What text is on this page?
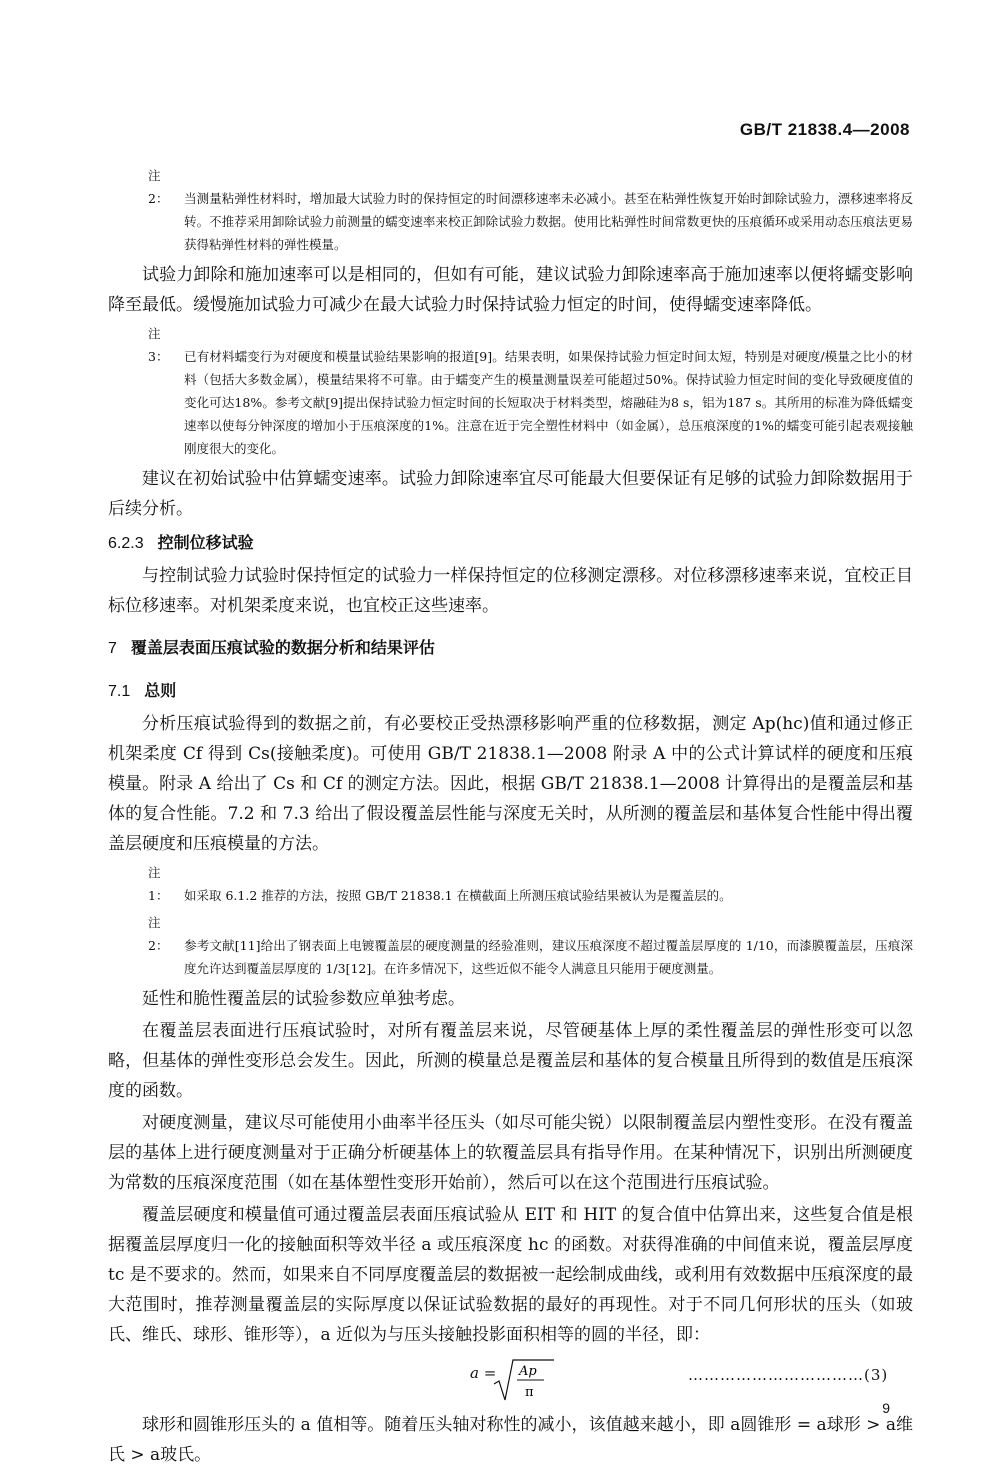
GB/T 21838.4—2008
注 2： 当测量粘弹性材料时，增加最大试验力时的保持恒定的时间漂移速率未必减小。甚至在粘弹性恢复开始时卸除试验力，漂移速率将反转。不推荐采用卸除试验力前测量的蠕变速率来校正卸除试验力数据。使用比粘弹性时间常数更快的压痕循环或采用动态压痕法更易获得粘弹性材料的弹性模量。

试验力卸除和施加速率可以是相同的，但如有可能，建议试验力卸除速率高于施加速率以便将蠕变影响降至最低。缓慢施加试验力可减少在最大试验力时保持试验力恒定的时间，使得蠕变速率降低。

注 3： 已有材料蠕变行为对硬度和模量试验结果影响的报道[9]。结果表明，如果保持试验力恒定时间太短，特别是对硬度/模量之比小的材料（包括大多数金属），模量结果将不可靠。由于蠕变产生的模量测量误差可能超过50%。保持试验力恒定时间的变化导致硬度值的变化可达18%。参考文献[9]提出保持试验力恒定时间的长短取决于材料类型，熔融硅为8 s，铝为187 s。其所用的标准为降低蠕变速率以使每分钟深度的增加小于压痕深度的1%。注意在近于完全塑性材料中（如金属），总压痕深度的1%的蠕变可能引起表观接触刚度很大的变化。

建议在初始试验中估算蠕变速率。试验力卸除速率宜尽可能最大但要保证有足够的试验力卸除数据用于后续分析。

6.2.3 控制位移试验

与控制试验力试验时保持恒定的试验力一样保持恒定的位移测定漂移。对位移漂移速率来说，宜校正目标位移速率。对机架柔度来说，也宜校正这些速率。

7 覆盖层表面压痕试验的数据分析和结果评估
7.1 总则

分析压痕试验得到的数据之前，有必要校正受热漂移影响严重的位移数据，测定 Ap(hc)值和通过修正机架柔度 Cf 得到 Cs(接触柔度)。可使用 GB/T 21838.1—2008 附录 A 中的公式计算试样的硬度和压痕模量。附录 A 给出了 Cs 和 Cf 的测定方法。因此，根据 GB/T 21838.1—2008 计算得出的是覆盖层和基体的复合性能。7.2 和 7.3 给出了假设覆盖层性能与深度无关时，从所测的覆盖层和基体复合性能中得出覆盖层硬度和压痕模量的方法。

注 1： 如采取 6.1.2 推荐的方法，按照 GB/T 21838.1 在横截面上所测压痕试验结果被认为是覆盖层的。
注 2： 参考文献[11]给出了钢表面上电镀覆盖层的硬度测量的经验准则，建议压痕深度不超过覆盖层厚度的 1/10，而漆膜覆盖层，压痕深度允许达到覆盖层厚度的 1/3[12]。在许多情况下，这些近似不能令人满意且只能用于硬度测量。

延性和脆性覆盖层的试验参数应单独考虑。

在覆盖层表面进行压痕试验时，对所有覆盖层来说，尽管硬基体上厚的柔性覆盖层的弹性形变可以忽略，但基体的弹性变形总会发生。因此，所测的模量总是覆盖层和基体的复合模量且所得到的数值是压痕深度的函数。

对硬度测量，建议尽可能使用小曲率半径压头（如尽可能尖锐）以限制覆盖层内塑性变形。在没有覆盖层的基体上进行硬度测量对于正确分析硬基体上的软覆盖层具有指导作用。在某种情况下，识别出所测硬度为常数的压痕深度范围（如在基体塑性变形开始前），然后可以在这个范围进行压痕试验。

覆盖层硬度和模量值可通过覆盖层表面压痕试验从 EIT 和 HIT 的复合值中估算出来，这些复合值是根据覆盖层厚度归一化的接触面积等效半径 a 或压痕深度 hc 的函数。对获得准确的中间值来说，覆盖层厚度 tc 是不要求的。然而，如果来自不同厚度覆盖层的数据被一起绘制成曲线，或利用有效数据中压痕深度的最大范围时，推荐测量覆盖层的实际厚度以保证试验数据的最好的再现性。对于不同几何形状的压头（如玻氏、维氏、球形、锥形等），a 近似为与压头接触投影面积相等的圆的半径，即：

a = Ap
π
……………………………(3)

球形和圆锥形压头的 a 值相等。随着压头轴对称性的减小，该值越来越小，即 a圆锥形 = a球形 > a维氏 > a玻氏。

9
